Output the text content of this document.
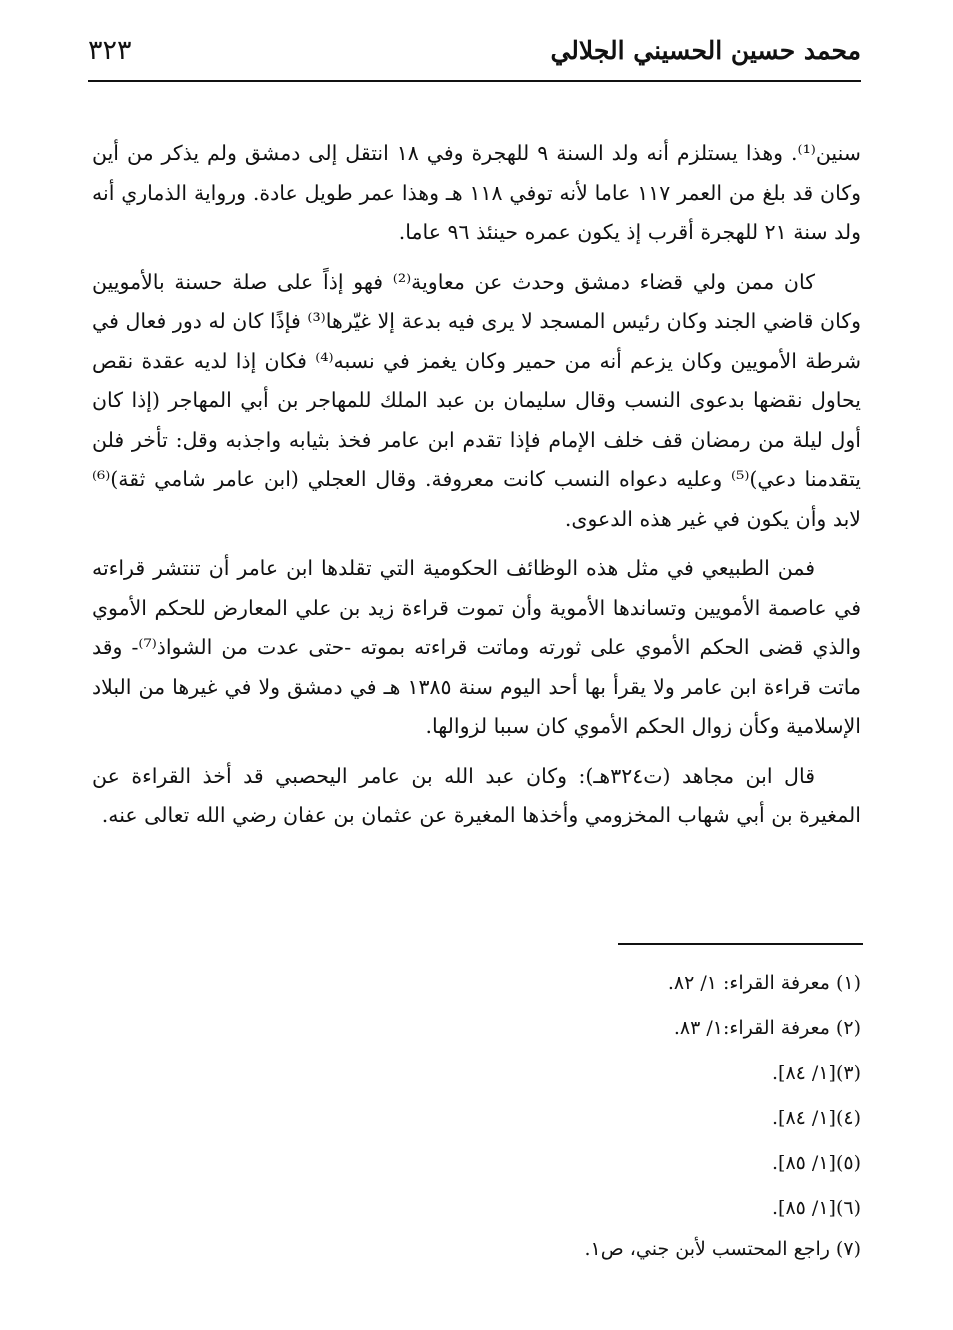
محمد حسين الحسيني الجلالي
٣٢٣

سنين⁽¹⁾. وهذا يستلزم أنه ولد السنة ٩ للهجرة وفي ١٨ انتقل إلى دمشق ولم يذكر من أين وكان قد بلغ من العمر ١١٧ عاما لأنه توفي ١١٨ هـ وهذا عمر طويل عادة. ورواية الذماري أنه ولد سنة ٢١ للهجرة أقرب إذ يكون عمره حينئذ ٩٦ عاما.

كان ممن ولي قضاء دمشق وحدث عن معاوية⁽²⁾ فهو إذاً على صلة حسنة بالأمويين وكان قاضي الجند وكان رئيس المسجد لا يرى فيه بدعة إلا غيّرها⁽³⁾ فإذًا كان له دور فعال في شرطة الأمويين وكان يزعم أنه من حمير وكان يغمز في نسبه⁽⁴⁾ فكان إذا لديه عقدة نقص يحاول نقضها بدعوى النسب وقال سليمان بن عبد الملك للمهاجر بن أبي المهاجر (إذا كان أول ليلة من رمضان قف خلف الإمام فإذا تقدم ابن عامر فخذ بثيابه واجذبه وقل: تأخر فلن يتقدمنا دعي)⁽⁵⁾ وعليه دعواه النسب كانت معروفة. وقال العجلي (ابن عامر شامي ثقة)⁽⁶⁾ لابد وأن يكون في غير هذه الدعوى.

فمن الطبيعي في مثل هذه الوظائف الحكومية التي تقلدها ابن عامر أن تنتشر قراءته في عاصمة الأمويين وتساندها الأموية وأن تموت قراءة زيد بن علي المعارض للحكم الأموي والذي قضى الحكم الأموي على ثورته وماتت قراءته بموته -حتى عدت من الشواذ⁽⁷⁾- وقد ماتت قراءة ابن عامر ولا يقرأ بها أحد اليوم سنة ١٣٨٥ هـ في دمشق ولا في غيرها من البلاد الإسلامية وكأن زوال الحكم الأموي كان سببا لزوالها.

قال ابن مجاهد (ت٣٢٤هـ): وكان عبد الله بن عامر اليحصبي قد أخذ القراءة عن المغيرة بن أبي شهاب المخزومي وأخذها المغيرة عن عثمان بن عفان رضي الله تعالى عنه.

(١) معرفة القراء: ١/ ٨٢.
(٢) معرفة القراء:١/ ٨٣.
(٣)[١/ ٨٤].
(٤)[١/ ٨٤].
(٥)[١/ ٨٥].
(٦)[١/ ٨٥].
(٧) راجع المحتسب لأبن جني، ص١.
